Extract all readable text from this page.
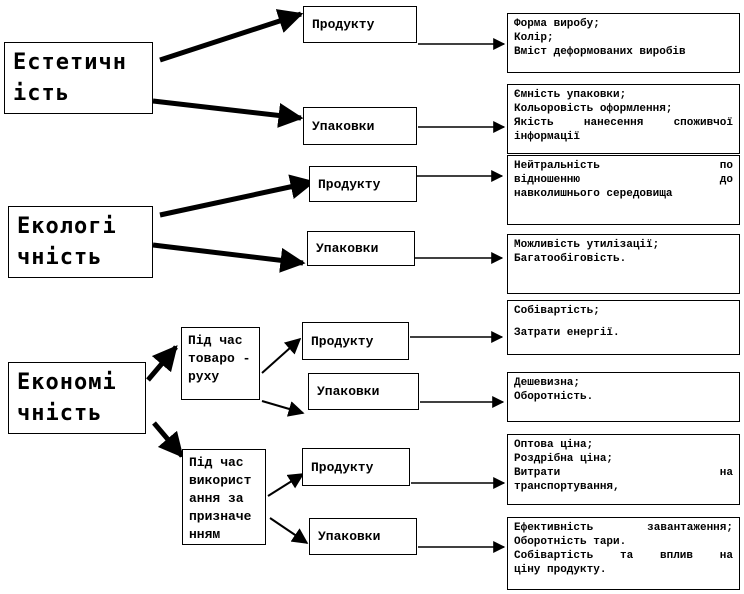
Естетичн
ість
Продукту
Упаковки
Форма виробу;
Колір;
Вміст деформованих виробів
Ємність упаковки;
Кольоровість оформлення;
Якість нанесення споживчої
інформації
Екологі
чність
Продукту
Упаковки
Нейтральність по
відношенню до
навколишнього середовища
Можливість утилізації;
Багатообіговість.
Економі
чність
Під час
товаро -
руху
Під час
використ
ання за
призначе
нням
Продукту
Упаковки
Продукту
Упаковки
Собівартість;
Затрати енергії.
Дешевизна;
Оборотність.
Оптова ціна;
Роздрібна ціна;
Витрати на
транспортування,
Ефективність завантаження;
Оборотність тари.
Собівартість та вплив на
ціну продукту.
